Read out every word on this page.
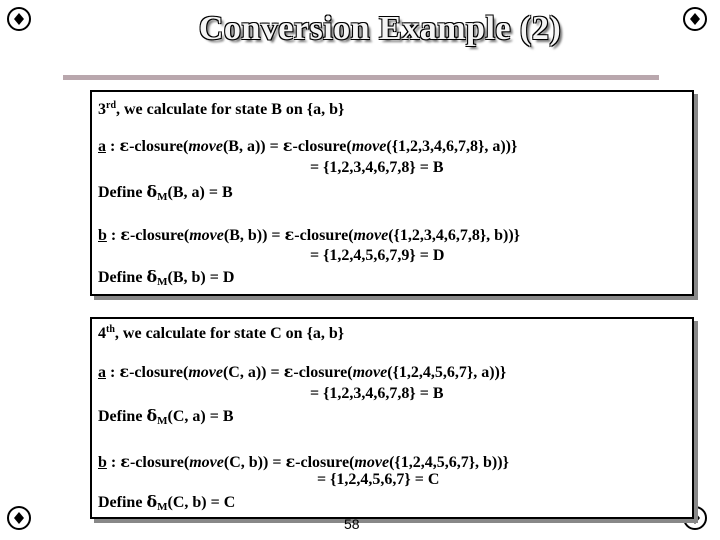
Conversion Example (2)
3rd, we calculate for state B on {a, b}
a : ε-closure(move(B, a)) = ε-closure(move({1,2,3,4,6,7,8}, a))}
= {1,2,3,4,6,7,8} = B
Define $\delta_M(B$, a) = B
b : ε-closure(move(B, b)) = ε-closure(move({1,2,3,4,6,7,8}, b))}
= {1,2,4,5,6,7,9} = D
Define $\delta_M(B$, b) = D
4th, we calculate for state C on {a, b}
a : ε-closure(move(C, a)) = ε-closure(move({1,2,4,5,6,7}, a))}
= {1,2,3,4,6,7,8} = B
Define $\delta_M(C$, a) = B
b : ε-closure(move(C, b)) = ε-closure(move({1,2,4,5,6,7}, b))}
= {1,2,4,5,6,7} = C
Define $\delta_M(C$, b) = C
58
